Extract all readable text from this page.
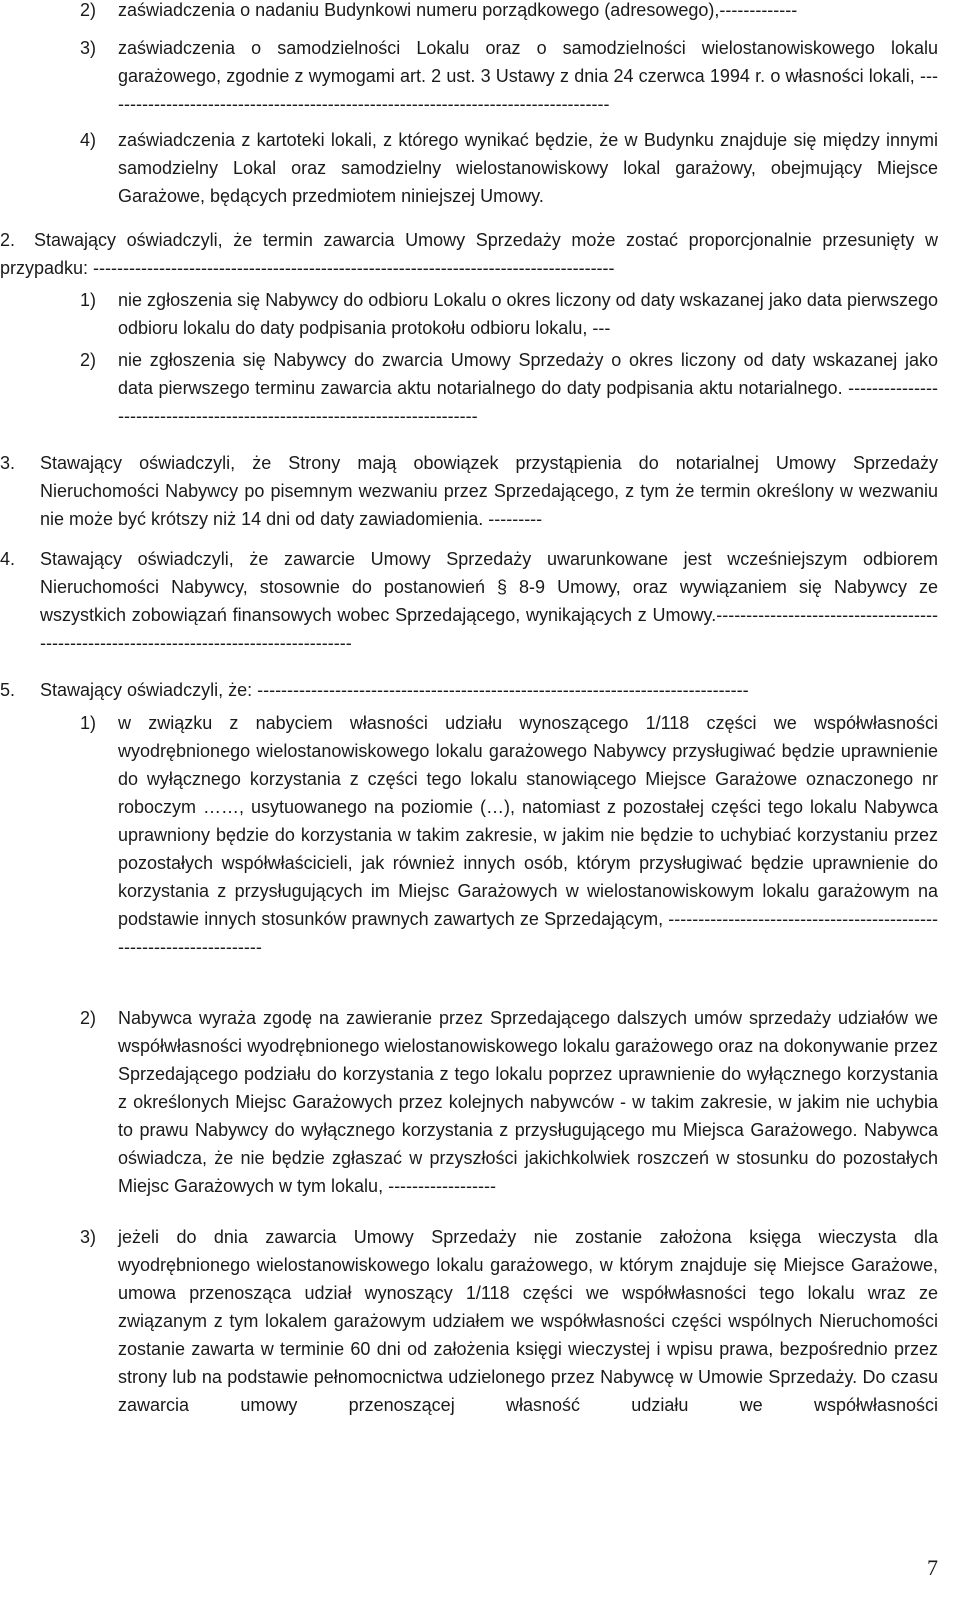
2) zaświadczenia o nadaniu Budynkowi numeru porządkowego (adresowego),-------------
3) zaświadczenia o samodzielności Lokalu oraz o samodzielności wielostanowiskowego lokalu garażowego, zgodnie z wymogami art. 2 ust. 3 Ustawy z dnia 24 czerwca 1994 r. o własności lokali, -------------------------------------------------------------------------------------
4) zaświadczenia z kartoteki lokali, z którego wynikać będzie, że w Budynku znajduje się między innymi samodzielny Lokal oraz samodzielny wielostanowiskowy lokal garażowy, obejmujący Miejsce Garażowe, będących przedmiotem niniejszej Umowy.
2.	Stawający oświadczyli, że termin zawarcia Umowy Sprzedaży może zostać proporcjonalnie przesunięty w przypadku: ---------------------------------------------------------------------------------------
1) nie zgłoszenia się Nabywcy do odbioru Lokalu o okres liczony od daty wskazanej jako data pierwszego odbioru lokalu do daty podpisania protokołu odbioru lokalu, ---
2) nie zgłoszenia się Nabywcy do zwarcia Umowy Sprzedaży o okres liczony od daty wskazanej jako data pierwszego terminu zawarcia aktu notarialnego do daty podpisania aktu notarialnego. ---------------------------------------------------------------------------
3. Stawający oświadczyli, że Strony mają obowiązek przystąpienia do notarialnej Umowy Sprzedaży Nieruchomości Nabywcy po pisemnym wezwaniu przez Sprzedającego, z tym że termin określony w wezwaniu nie może być krótszy niż 14 dni od daty zawiadomienia. ---------
4. Stawający oświadczyli, że zawarcie Umowy Sprzedaży uwarunkowane jest wcześniejszym odbiorem Nieruchomości Nabywcy, stosownie do postanowień § 8-9 Umowy, oraz wywiązaniem się Nabywcy ze wszystkich zobowiązań finansowych wobec Sprzedającego, wynikających z Umowy.-----------------------------------------------------------------------------------------
5. Stawający oświadczyli, że: ----------------------------------------------------------------------------------
1) w związku z nabyciem własności udziału wynoszącego 1/118 części we współwłasności wyodrębnionego wielostanowiskowego lokalu garażowego Nabywcy przysługiwać będzie uprawnienie do wyłącznego korzystania z części tego lokalu stanowiącego Miejsce Garażowe oznaczonego nr roboczym ……, usytuowanego na poziomie (…), natomiast z pozostałej części tego lokalu Nabywca uprawniony będzie do korzystania w takim zakresie, w jakim nie będzie to uchybiać korzystaniu przez pozostałych współwłaścicieli, jak również innych osób, którym przysługiwać będzie uprawnienie do korzystania z przysługujących im Miejsc Garażowych w wielostanowiskowym lokalu garażowym na podstawie innych stosunków prawnych zawartych ze Sprzedającym, ---------------------------------------------------------------------
2) Nabywca wyraża zgodę na zawieranie przez Sprzedającego dalszych umów sprzedaży udziałów we współwłasności wyodrębnionego wielostanowiskowego lokalu garażowego oraz na dokonywanie przez Sprzedającego podziału do korzystania z tego lokalu poprzez uprawnienie do wyłącznego korzystania z określonych Miejsc Garażowych przez kolejnych nabywców - w takim zakresie, w jakim nie uchybia to prawu Nabywcy do wyłącznego korzystania z przysługującego mu Miejsca Garażowego. Nabywca oświadcza, że nie będzie zgłaszać w przyszłości jakichkolwiek roszczeń w stosunku do pozostałych Miejsc Garażowych w tym lokalu, ------------------
3) jeżeli do dnia zawarcia Umowy Sprzedaży nie zostanie założona księga wieczysta dla wyodrębnionego wielostanowiskowego lokalu garażowego, w którym znajduje się Miejsce Garażowe, umowa przenosząca udział wynoszący 1/118 części we współwłasności tego lokalu wraz ze związanym z tym lokalem garażowym udziałem we współwłasności części wspólnych Nieruchomości zostanie zawarta w terminie 60 dni od założenia księgi wieczystej i wpisu prawa, bezpośrednio przez strony lub na podstawie pełnomocnictwa udzielonego przez Nabywcę w Umowie Sprzedaży. Do czasu zawarcia umowy przenoszącej własność udziału we współwłasności
7
